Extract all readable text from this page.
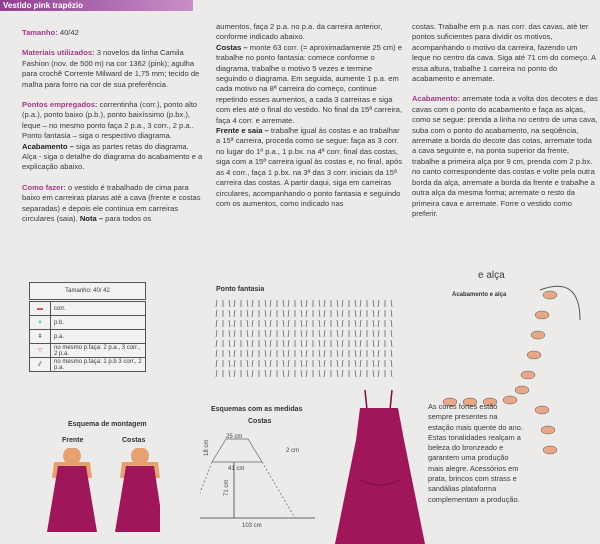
Vestido pink trapézio

Tamanho: 40/42

Materiais utilizados: 3 novelos da linha Camila Fashion (nov. de 500 m) na cor 1362 (pink); agulha para crochê Corrente Milward de 1,75 mm; tecido de malha para forro na cor de sua preferência.

Pontos empregados: correntinha (corr.), ponto alto (p.a.), ponto baixo (p.b.), ponto baixíssimo (p.bx.), leque – no mesmo ponto faça 2 p.a., 3 corr., 2 p.a.. Ponto fantasia – siga o respectivo diagrama. Acabamento – siga as partes retas do diagrama. Alça - siga o detalhe do diagrama do acabamento e a explicação abaixo.

Como fazer: o vestido é trabalhado de cima para baixo em carreiras planas até a cava (frente e costas separadas) e depois ele continua em carreiras circulares (saia). Nota – para todos os

aumentos, faça 2 p.a. no p.a. da carreira anterior, conforme indicado abaixo.
Costas – monte 63 corr. (= aproximadamente 25 cm) e trabalhe no ponto fantasia: comece conforme o diagrama, trabalhe o motivo 5 vezes e termine seguindo o diagrama. Em seguida, aumente 1 p.a. em cada motivo na 8ª carreira do começo, continue repetindo esses aumentos, a cada 3 carreiras e siga com eles até o final do vestido. No final da 15ª carreira, faça 4 corr. e arremate.
Frente e saia – trabalhe igual às costas e ao trabalhar a 15ª carreira, proceda como se segue: faça as 3 corr. no lugar do 1º p.a., 1 p.bx. na 4ª corr. final das costas, siga com a 15ª carreira igual às costas e, no final, após as 4 corr., faça 1 p.bx. na 3ª das 3 corr. iniciais da 15ª carreira das costas. A partir daqui, siga em carreiras circulares, acompanhando o ponto fantasia e seguindo com os aumentos, como indicado nas

costas. Trabalhe em p.a. nas corr. das cavas, até ter pontos suficientes para dividir os motivos, acompanhando o motivo da carreira, fazendo um leque no centro da cava. Siga até 71 cm do começo. A essa altura, trabalhe 1 carreira no ponto do acabamento e arremate.

Acabamento: arremate toda a volta dos decotes e das cavas com o ponto do acabamento e faça as alças, como se segue: prenda a linha no centro de uma cava, suba com o ponto do acabamento, na seqüência, arremate a borda do decote das cotas, arremate toda a cava seguinte e, na ponta superior da frente, trabalhe a primeira alça por 9 cm, prenda com 2 p.bx. no canto correspondente das costas e volte pela outra borda da alça, arremate a borda da frente e trabalhe a outra alça da mesma forma; arremate o resto da primeira cava e arremate. Forre o vestido como preferir.

Tamanho: 40/ 42	
▬	corr.
+	p.b.
ǂ	p.a.
▽	no mesmo p.faça: 2 p.a., 3 corr., 2 p.a.
⁄⁄	no mesmo p.faça: 1 p.b 3 corr., 2 p.a.
Ponto fantasia
Esquema de montagem
Frente	Costas
Esquemas com as medidas
Costas
25 cm
18 cm	2 cm
41 cm
71 cm
103 cm
e alça
Acabamento e alça
As cores fortes estão sempre presentes na estação mais quente do ano. Estas tonalidades realçam a beleza do bronzeado e garantem uma produção mais alegre. Acessórios em prata, brincos com strass e sandálias plataforma complementam a produção.
